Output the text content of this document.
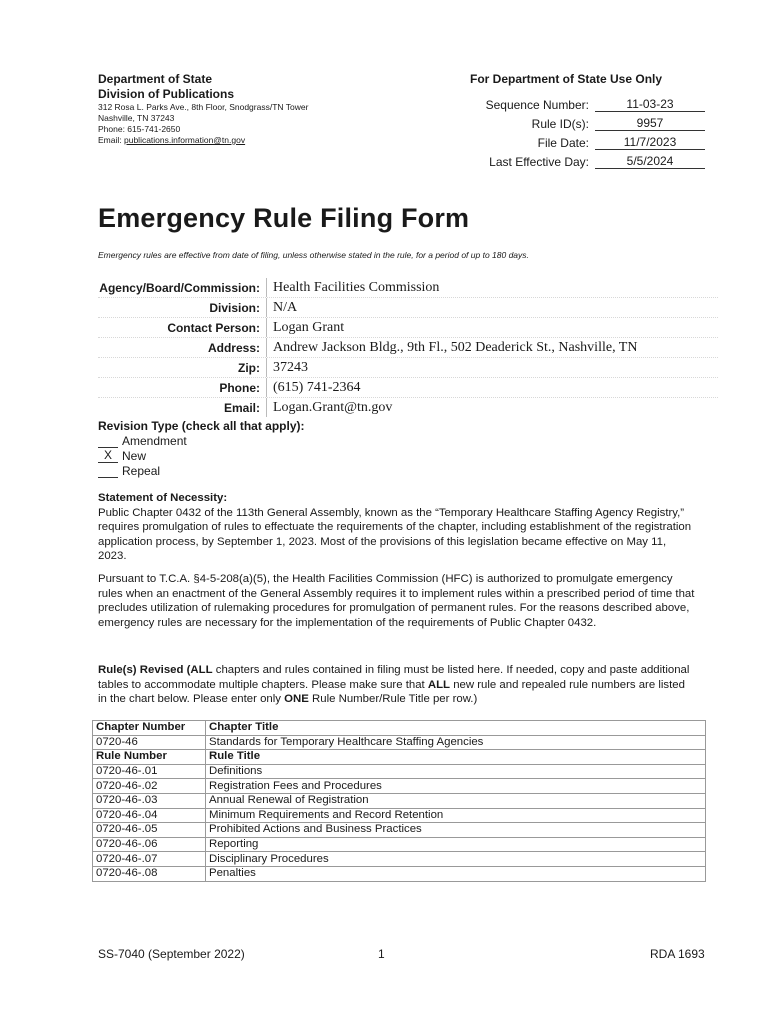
Department of State
Division of Publications
312 Rosa L. Parks Ave., 8th Floor, Snodgrass/TN Tower
Nashville, TN 37243
Phone: 615-741-2650
Email: publications.information@tn.gov
For Department of State Use Only
Sequence Number:	11-03-23
Rule ID(s):	9957
File Date:	11/7/2023
Last Effective Day:	5/5/2024
Emergency Rule Filing Form
Emergency rules are effective from date of filing, unless otherwise stated in the rule, for a period of up to 180 days.
Agency/Board/Commission: Health Facilities Commission
Division: N/A
Contact Person: Logan Grant
Address: Andrew Jackson Bldg., 9th Fl., 502 Deaderick St., Nashville, TN
Zip: 37243
Phone: (615) 741-2364
Email: Logan.Grant@tn.gov
Revision Type (check all that apply):
Amendment
X New
Repeal
Statement of Necessity:

Public Chapter 0432 of the 113th General Assembly, known as the “Temporary Healthcare Staffing Agency Registry,” requires promulgation of rules to effectuate the requirements of the chapter, including establishment of the registration application process, by September 1, 2023. Most of the provisions of this legislation became effective on May 11, 2023.

Pursuant to T.C.A. §4-5-208(a)(5), the Health Facilities Commission (HFC) is authorized to promulgate emergency rules when an enactment of the General Assembly requires it to implement rules within a prescribed period of time that precludes utilization of rulemaking procedures for promulgation of permanent rules. For the reasons described above, emergency rules are necessary for the implementation of the requirements of Public Chapter 0432.

Rule(s) Revised (ALL chapters and rules contained in filing must be listed here. If needed, copy and paste additional tables to accommodate multiple chapters. Please make sure that ALL new rule and repealed rule numbers are listed in the chart below. Please enter only ONE Rule Number/Rule Title per row.)
Chapter Number	Chapter Title
0720-46	Standards for Temporary Healthcare Staffing Agencies
Rule Number	Rule Title
0720-46-.01	Definitions
0720-46-.02	Registration Fees and Procedures
0720-46-.03	Annual Renewal of Registration
0720-46-.04	Minimum Requirements and Record Retention
0720-46-.05	Prohibited Actions and Business Practices
0720-46-.06	Reporting
0720-46-.07	Disciplinary Procedures
0720-46-.08	Penalties
SS-7040 (September 2022)	1	RDA 1693
